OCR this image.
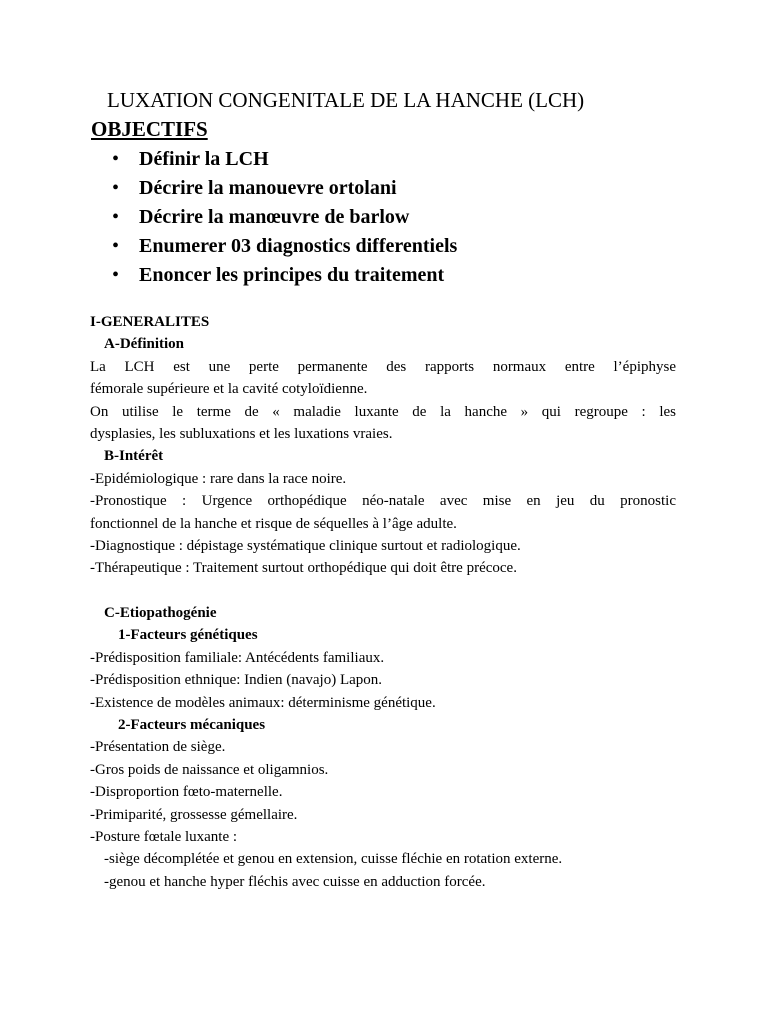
LUXATION CONGENITALE DE LA HANCHE (LCH)
OBJECTIFS
• Définir la LCH
• Décrire la manouevre ortolani
• Décrire la manœuvre de barlow
• Enumerer 03 diagnostics differentiels
• Enoncer les principes du traitement
I-GENERALITES
A-Définition
La LCH est une perte permanente des rapports normaux entre l’épiphyse
fémorale supérieure et la cavité cotyloïdienne.
On utilise le terme de « maladie luxante de la hanche » qui regroupe : les
dysplasies, les subluxations et les luxations vraies.
B-Intérêt
-Epidémiologique : rare dans la race noire.
-Pronostique : Urgence orthopédique néo-natale avec mise en jeu du pronostic
fonctionnel de la hanche et risque de séquelles à l’âge adulte.
-Diagnostique : dépistage systématique clinique surtout et radiologique.
-Thérapeutique : Traitement surtout orthopédique qui doit être précoce.
C-Etiopathogénie
1-Facteurs génétiques
-Prédisposition familiale: Antécédents familiaux.
-Prédisposition ethnique: Indien (navajo) Lapon.
-Existence de modèles animaux: déterminisme génétique.
2-Facteurs mécaniques
-Présentation de siège.
-Gros poids de naissance et oligamnios.
-Disproportion fœto-maternelle.
-Primiparité, grossesse gémellaire.
-Posture fœtale luxante :
-siège décomplétée et genou en extension, cuisse fléchie en rotation externe.
-genou et hanche hyper fléchis avec cuisse en adduction forcée.
